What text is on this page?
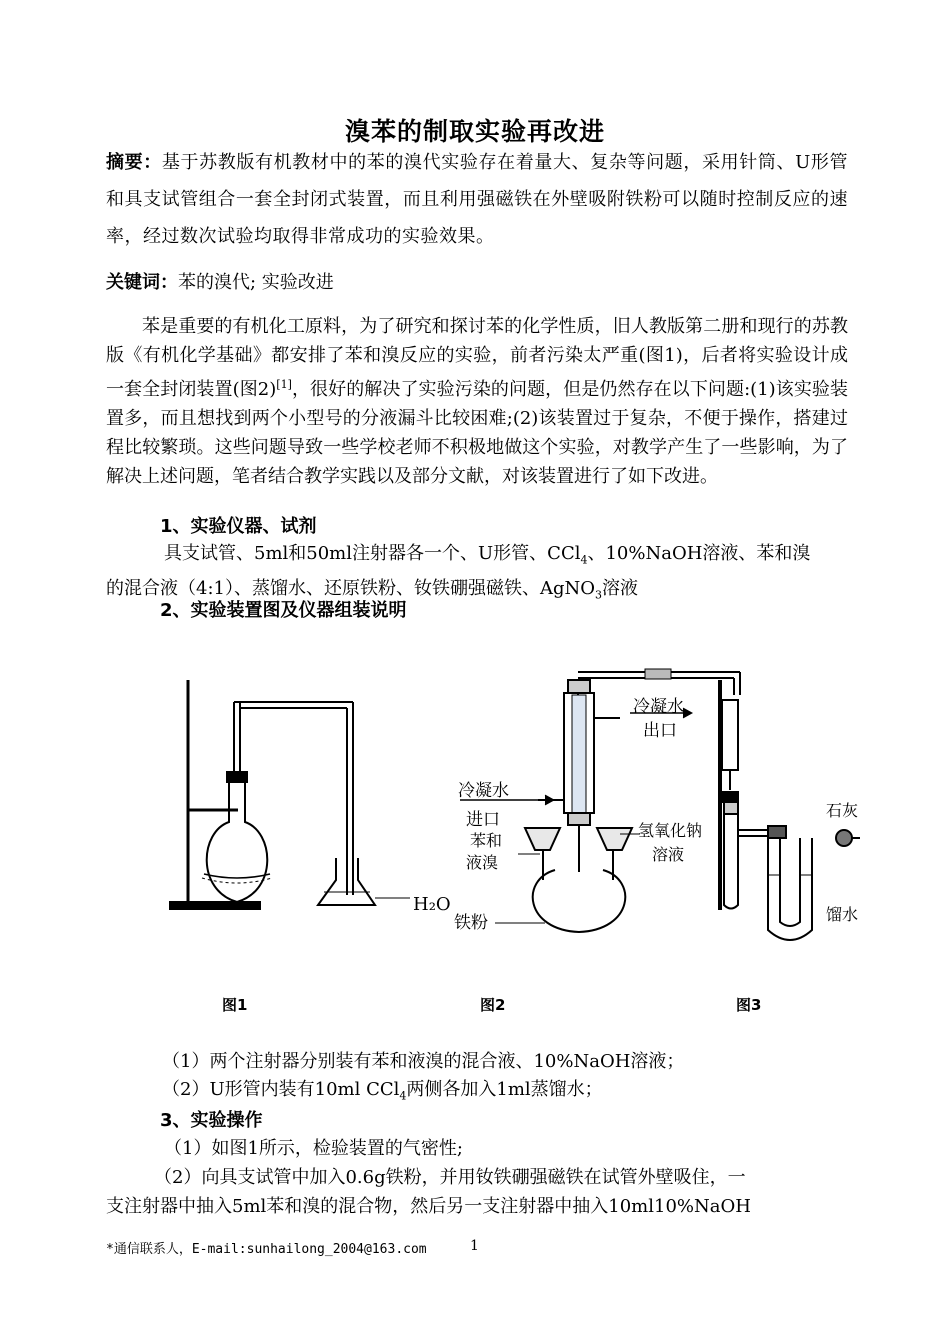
溴苯的制取实验再改进
摘要：基于苏教版有机教材中的苯的溴代实验存在着量大、复杂等问题，采用针筒、U形管和具支试管组合一套全封闭式装置，而且利用强磁铁在外壁吸附铁粉可以随时控制反应的速率，经过数次试验均取得非常成功的实验效果。
关键词：苯的溴代; 实验改进
苯是重要的有机化工原料，为了研究和探讨苯的化学性质，旧人教版第二册和现行的苏教版《有机化学基础》都安排了苯和溴反应的实验，前者污染太严重(图1)，后者将实验设计成一套全封闭装置(图2)[1]，很好的解决了实验污染的问题，但是仍然存在以下问题:(1)该实验装置多，而且想找到两个小型号的分液漏斗比较困难;(2)该装置过于复杂，不便于操作，搭建过程比较繁琐。这些问题导致一些学校老师不积极地做这个实验，对教学产生了一些影响，为了解决上述问题，笔者结合教学实践以及部分文献，对该装置进行了如下改进。
1、实验仪器、试剂
具支试管、5ml和50ml注射器各一个、U形管、CCl$_4$、10%NaOH溶液、苯和溴
的混合液（4:1）、蒸馏水、还原铁粉、钕铁硼强磁铁、AgNO$_3$溶液
2、实验装置图及仪器组装说明
H₂O
冷凝水
出口
冷凝水
进口
苯和
液溴
氢氧化钠
溶液
铁粉
石灰
馏水
图1	图2	图3
（1）两个注射器分别装有苯和液溴的混合液、10%NaOH溶液；
（2）U形管内装有10ml CCl$_4$两侧各加入1ml蒸馏水；
3、实验操作
（1）如图1所示，检验装置的气密性;
（2）向具支试管中加入0.6g铁粉，并用钕铁硼强磁铁在试管外壁吸住，一
支注射器中抽入5ml苯和溴的混合物，然后另一支注射器中抽入10ml10%NaOH
*通信联系人，E-mail:sunhailong_2004@163.com	1
